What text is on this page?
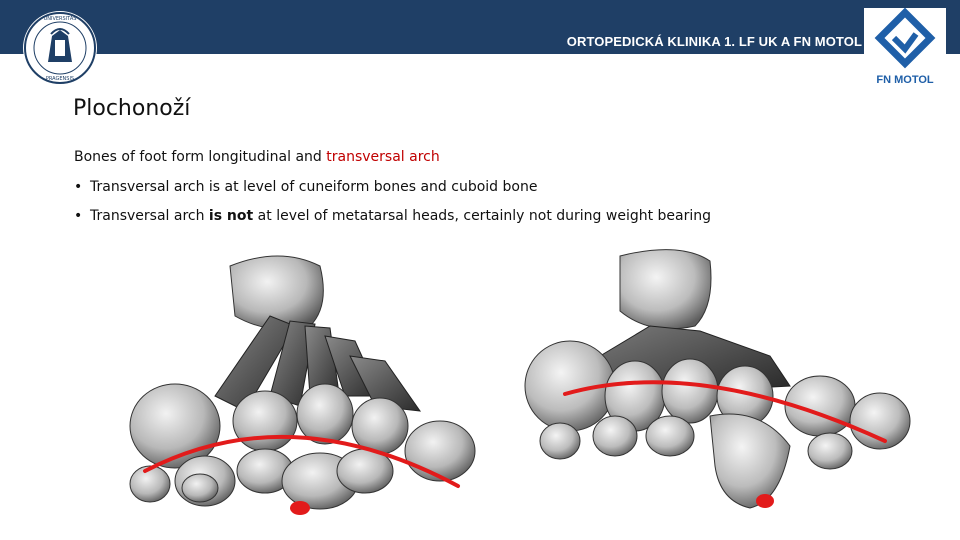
ORTOPEDICKÁ KLINIKA 1. LF UK A FN MOTOL
UNIVERSITAS
PRAGENSIS	FN MOTOL
Plochonoží
Bones of foot form longitudinal and transversal arch
• Transversal arch is at level of cuneiform bones and cuboid bone
• Transversal arch is not at level of metatarsal heads, certainly not during weight bearing
